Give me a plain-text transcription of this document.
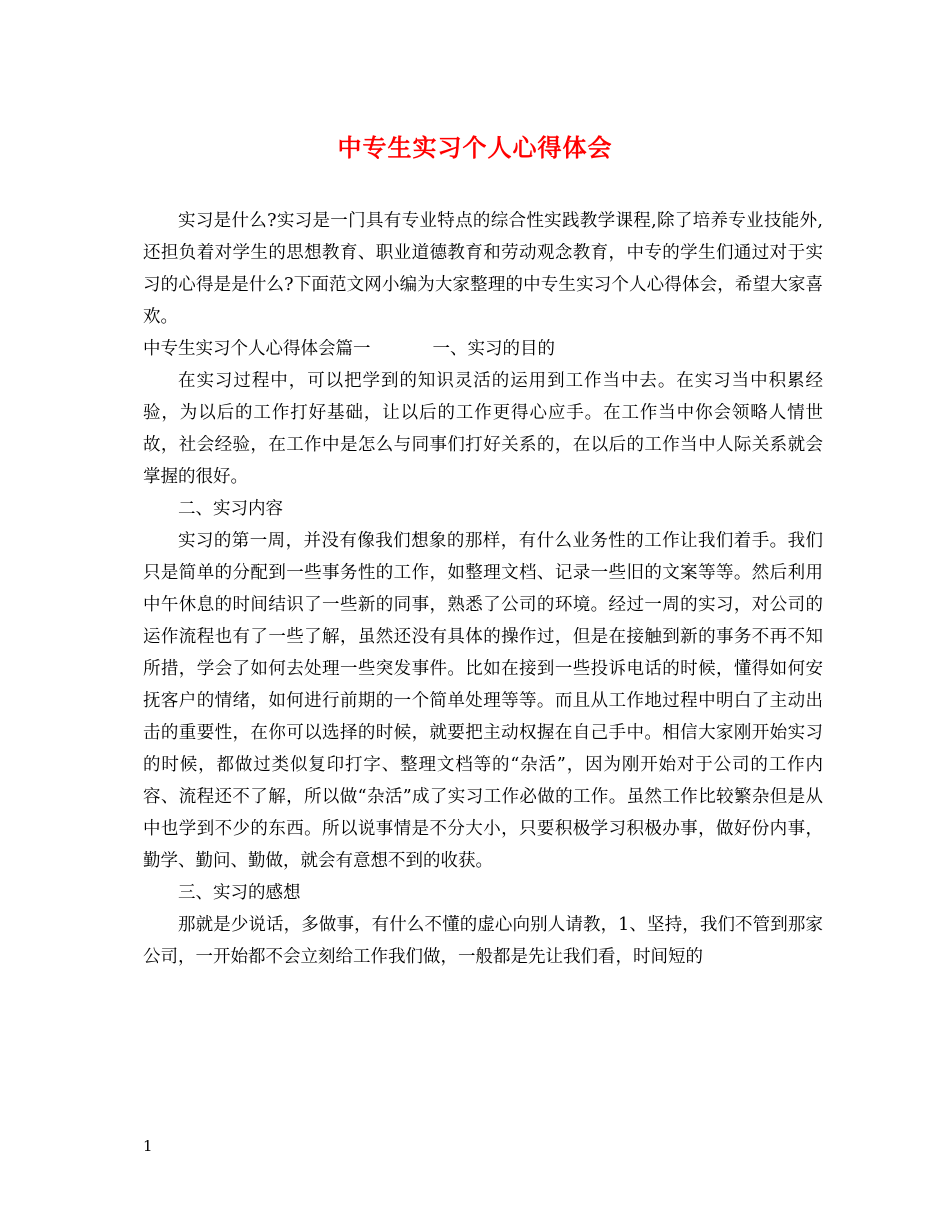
中专生实习个人心得体会

实习是什么?实习是一门具有专业特点的综合性实践教学课程,除了培养专业技能外,还担负着对学生的思想教育、职业道德教育和劳动观念教育，中专的学生们通过对于实习的心得是是什么?下面范文网小编为大家整理的中专生实习个人心得体会，希望大家喜欢。

中专生实习个人心得体会篇一	一、实习的目的

在实习过程中，可以把学到的知识灵活的运用到工作当中去。在实习当中积累经验，为以后的工作打好基础，让以后的工作更得心应手。在工作当中你会领略人情世故，社会经验，在工作中是怎么与同事们打好关系的，在以后的工作当中人际关系就会掌握的很好。

二、实习内容

实习的第一周，并没有像我们想象的那样，有什么业务性的工作让我们着手。我们只是简单的分配到一些事务性的工作，如整理文档、记录一些旧的文案等等。然后利用中午休息的时间结识了一些新的同事，熟悉了公司的环境。经过一周的实习，对公司的运作流程也有了一些了解，虽然还没有具体的操作过，但是在接触到新的事务不再不知所措，学会了如何去处理一些突发事件。比如在接到一些投诉电话的时候，懂得如何安抚客户的情绪，如何进行前期的一个简单处理等等。而且从工作地过程中明白了主动出击的重要性，在你可以选择的时候，就要把主动权握在自己手中。相信大家刚开始实习的时候，都做过类似复印打字、整理文档等的“杂活”，因为刚开始对于公司的工作内容、流程还不了解，所以做“杂活”成了实习工作必做的工作。虽然工作比较繁杂但是从中也学到不少的东西。所以说事情是不分大小，只要积极学习积极办事，做好份内事，勤学、勤问、勤做，就会有意想不到的收获。

三、实习的感想

那就是少说话，多做事，有什么不懂的虚心向别人请教，1、坚持，我们不管到那家公司，一开始都不会立刻给工作我们做，一般都是先让我们看，时间短的

1
